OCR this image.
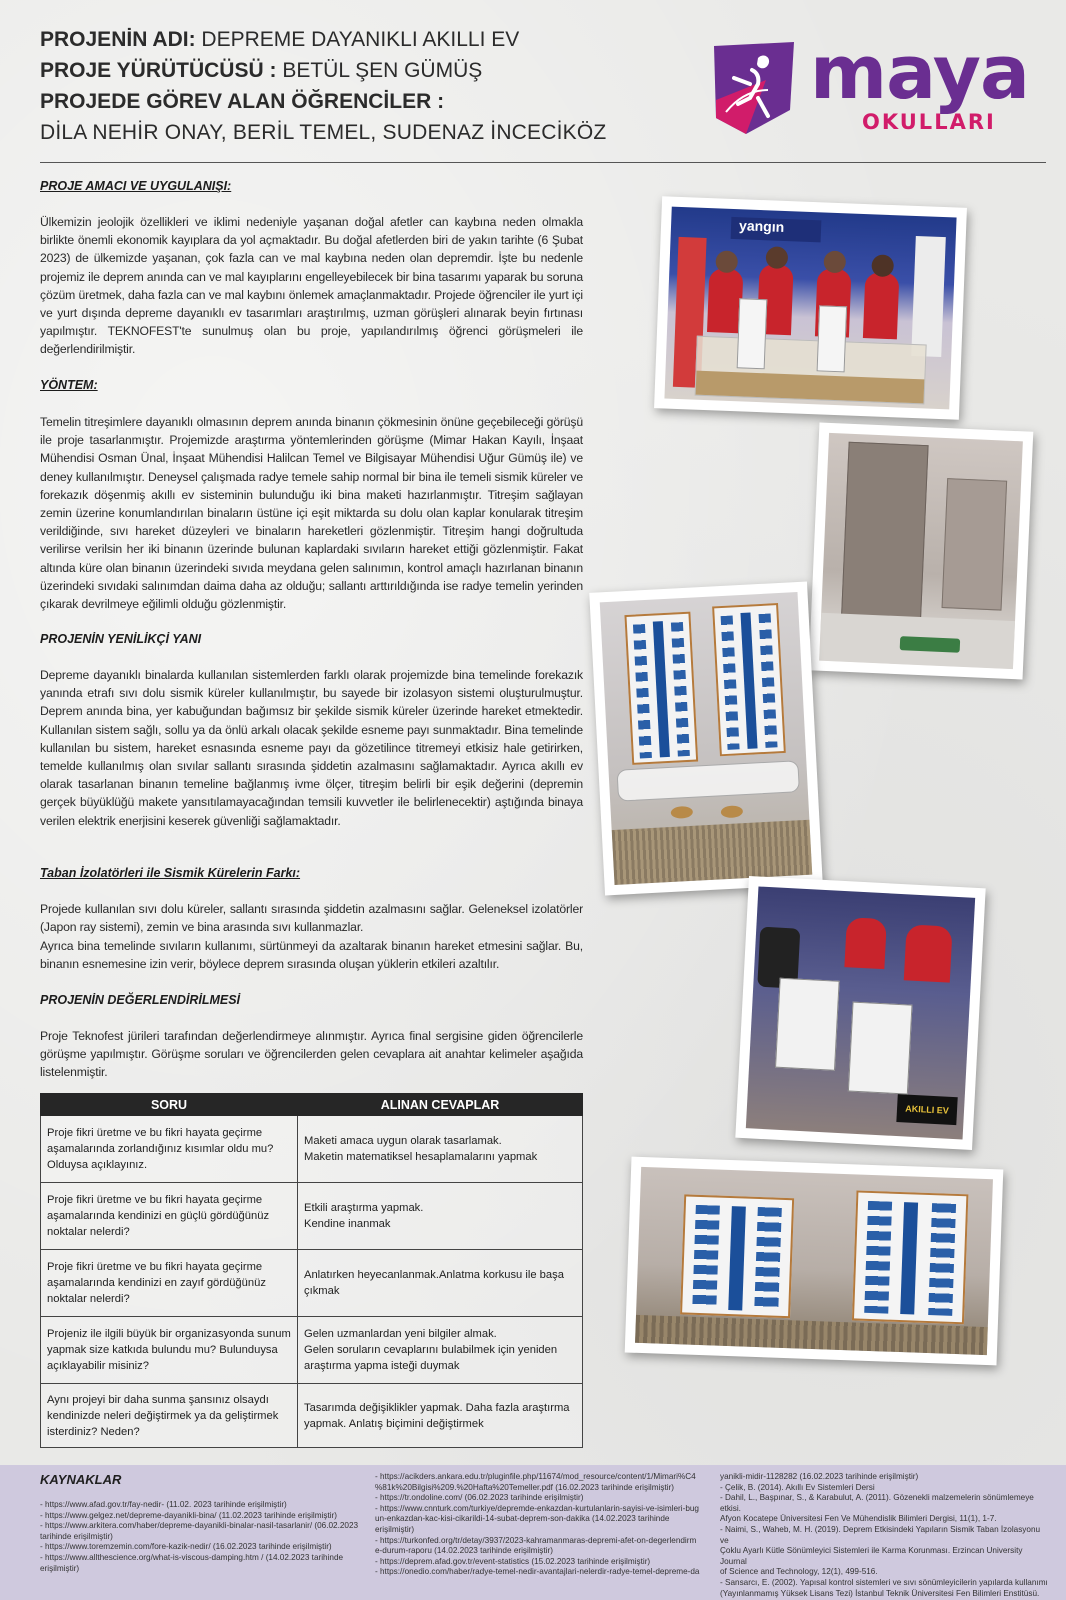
PROJENİN ADI: DEPREME DAYANIKLI AKILLI EV
PROJE YÜRÜTÜCÜSÜ : BETÜL ŞEN GÜMÜŞ
PROJEDE GÖREV ALAN ÖĞRENCİLER :
DİLA NEHİR ONAY, BERİL TEMEL, SUDENAZ İNCECİKÖZ
maya
OKULLARI
PROJE AMACI VE UYGULANIŞI:
Ülkemizin jeolojik özellikleri ve iklimi nedeniyle yaşanan doğal afetler can kaybına neden olmakla birlikte önemli ekonomik kayıplara da yol açmaktadır. Bu doğal afetlerden biri de yakın tarihte (6 Şubat 2023) de ülkemizde yaşanan, çok fazla can ve mal kaybına neden olan depremdir. İşte bu nedenle projemiz ile deprem anında can ve mal kayıplarını engelleyebilecek bir bina tasarımı yaparak bu soruna çözüm üretmek, daha fazla can ve mal kaybını önlemek amaçlanmaktadır. Projede öğrenciler ile yurt içi ve yurt dışında depreme dayanıklı ev tasarımları araştırılmış, uzman görüşleri alınarak beyin fırtınası yapılmıştır. TEKNOFEST'te sunulmuş olan bu proje, yapılandırılmış öğrenci görüşmeleri ile değerlendirilmiştir.
YÖNTEM:
Temelin titreşimlere dayanıklı olmasının deprem anında binanın çökmesinin önüne geçebileceği görüşü ile proje tasarlanmıştır. Projemizde araştırma yöntemlerinden görüşme (Mimar Hakan Kayılı, İnşaat Mühendisi Osman Ünal, İnşaat Mühendisi Halilcan Temel ve Bilgisayar Mühendisi Uğur Gümüş ile) ve deney kullanılmıştır. Deneysel çalışmada radye temele sahip normal bir bina ile temeli sismik küreler ve forekazık döşenmiş akıllı ev sisteminin bulunduğu iki bina maketi hazırlanmıştır. Titreşim sağlayan zemin üzerine konumlandırılan binaların üstüne içi eşit miktarda su dolu olan kaplar konularak titreşim verildiğinde, sıvı hareket düzeyleri ve binaların hareketleri gözlenmiştir. Titreşim hangi doğrultuda verilirse verilsin her iki binanın üzerinde bulunan kaplardaki sıvıların hareket ettiği gözlenmiştir. Fakat altında küre olan binanın üzerindeki sıvıda meydana gelen salınımın, kontrol amaçlı hazırlanan binanın üzerindeki sıvıdaki salınımdan daima daha az olduğu; sallantı arttırıldığında ise radye temelin yerinden çıkarak devrilmeye eğilimli olduğu gözlenmiştir.
PROJENİN YENİLİKÇİ YANI
Depreme dayanıklı binalarda kullanılan sistemlerden farklı olarak projemizde bina temelinde forekazık yanında etrafı sıvı dolu sismik küreler kullanılmıştır, bu sayede bir izolasyon sistemi oluşturulmuştur. Deprem anında bina, yer kabuğundan bağımsız bir şekilde sismik küreler üzerinde hareket etmektedir. Kullanılan sistem sağlı, sollu ya da önlü arkalı olacak şekilde esneme payı sunmaktadır. Bina temelinde kullanılan bu sistem, hareket esnasında esneme payı da gözetilince titremeyi etkisiz hale getirirken, temelde kullanılmış olan sıvılar sallantı sırasında şiddetin azalmasını sağlamaktadır. Ayrıca akıllı ev olarak tasarlanan binanın temeline bağlanmış ivme ölçer, titreşim belirli bir eşik değerini (depremin gerçek büyüklüğü makete yansıtılamayacağından temsili kuvvetler ile belirlenecektir) aştığında binaya verilen elektrik enerjisini keserek güvenliği sağlamaktadır.
Taban İzolatörleri ile Sismik Kürelerin Farkı:
Projede kullanılan sıvı dolu küreler, sallantı sırasında şiddetin azalmasını sağlar. Geleneksel izolatörler (Japon ray sistemi), zemin ve bina arasında sıvı kullanmazlar.
Ayrıca bina temelinde sıvıların kullanımı, sürtünmeyi da azaltarak binanın hareket etmesini sağlar. Bu, binanın esnemesine izin verir, böylece deprem sırasında oluşan yüklerin etkileri azaltılır.
PROJENİN DEĞERLENDİRİLMESİ
Proje Teknofest jürileri tarafından değerlendirmeye alınmıştır. Ayrıca final sergisine giden öğrencilerle görüşme yapılmıştır. Görüşme soruları ve öğrencilerden gelen cevaplara ait anahtar kelimeler aşağıda listelenmiştir.
SORU	ALINAN CEVAPLAR
Proje fikri üretme ve bu fikri hayata geçirme aşamalarında zorlandığınız kısımlar oldu mu? Olduysa açıklayınız.	Maketi amaca uygun olarak tasarlamak.
Maketin matematiksel hesaplamalarını yapmak
Proje fikri üretme ve bu fikri hayata geçirme aşamalarında kendinizi en güçlü gördüğünüz noktalar nelerdi?	Etkili araştırma yapmak.
Kendine inanmak
Proje fikri üretme ve bu fikri hayata geçirme aşamalarında kendinizi en zayıf gördüğünüz noktalar nelerdi?	Anlatırken heyecanlanmak.Anlatma korkusu ile başa çıkmak
Projeniz ile ilgili büyük bir organizasyonda sunum yapmak size katkıda bulundu mu? Bulunduysa açıklayabilir misiniz?	Gelen uzmanlardan yeni bilgiler almak.
Gelen soruların cevaplarını bulabilmek için yeniden araştırma yapma isteği duymak
Aynı projeyi bir daha sunma şansınız olsaydı kendinizde neleri değiştirmek ya da geliştirmek isterdiniz? Neden?	Tasarımda değişiklikler yapmak. Daha fazla araştırma yapmak. Anlatış biçimini değiştirmek
yangın
AKILLI EV
KAYNAKLAR
- https://www.afad.gov.tr/fay-nedir- (11.02. 2023 tarihinde erişilmiştir)
- https://www.gelgez.net/depreme-dayanikli-bina/ (11.02.2023 tarihinde erişilmiştir)
- https://www.arkitera.com/haber/depreme-dayanikli-binalar-nasil-tasarlanir/ (06.02.2023
tarihinde erişilmiştir)
- https://www.toremzemin.com/fore-kazik-nedir/ (16.02.2023 tarihinde erişilmiştir)
- https://www.allthescience.org/what-is-viscous-damping.htm / (14.02.2023 tarihinde
erişilmiştir)
- https://acikders.ankara.edu.tr/pluginfile.php/11674/mod_resource/content/1/Mimari%C4
%81k%20Bilgisi%209.%20Hafta%20Temeller.pdf (16.02.2023 tarihinde erişilmiştir)
- https://tr.ondoline.com/ (06.02.2023 tarihinde erişilmiştir)
- https://www.cnnturk.com/turkiye/depremde-enkazdan-kurtulanlarin-sayisi-ve-isimleri-bug
un-enkazdan-kac-kisi-cikarildi-14-subat-deprem-son-dakika (14.02.2023 tarihinde
erişilmiştir)
- https://turkonfed.org/tr/detay/3937/2023-kahramanmaras-depremi-afet-on-degerlendirm
e-durum-raporu (14.02.2023 tarihinde erişilmiştir)
- https://deprem.afad.gov.tr/event-statistics (15.02.2023 tarihinde erişilmiştir)
- https://onedio.com/haber/radye-temel-nedir-avantajlari-nelerdir-radye-temel-depreme-da
yanikli-midir-1128282 (16.02.2023 tarihinde erişilmiştir)
- Çelik, B. (2014). Akıllı Ev Sistemleri Dersi
- Dahil, L., Başpınar, S., & Karabulut, A. (2011). Gözenekli malzemelerin sönümlemeye etkisi.
Afyon Kocatepe Üniversitesi Fen Ve Mühendislik Bilimleri Dergisi, 11(1), 1-7.
- Naimi, S., Waheb, M. H. (2019). Deprem Etkisindeki Yapıların Sismik Taban İzolasyonu ve
Çoklu Ayarlı Kütle Sönümleyici Sistemleri ile Karma Korunması. Erzincan University Journal
of Science and Technology, 12(1), 499-516.
- Sansarcı, E. (2002). Yapısal kontrol sistemleri ve sıvı sönümleyicilerin yapılarda kullanımı
(Yayınlanmamış Yüksek Lisans Tezi) İstanbul Teknik Üniversitesi Fen Bilimleri Enstitüsü.
